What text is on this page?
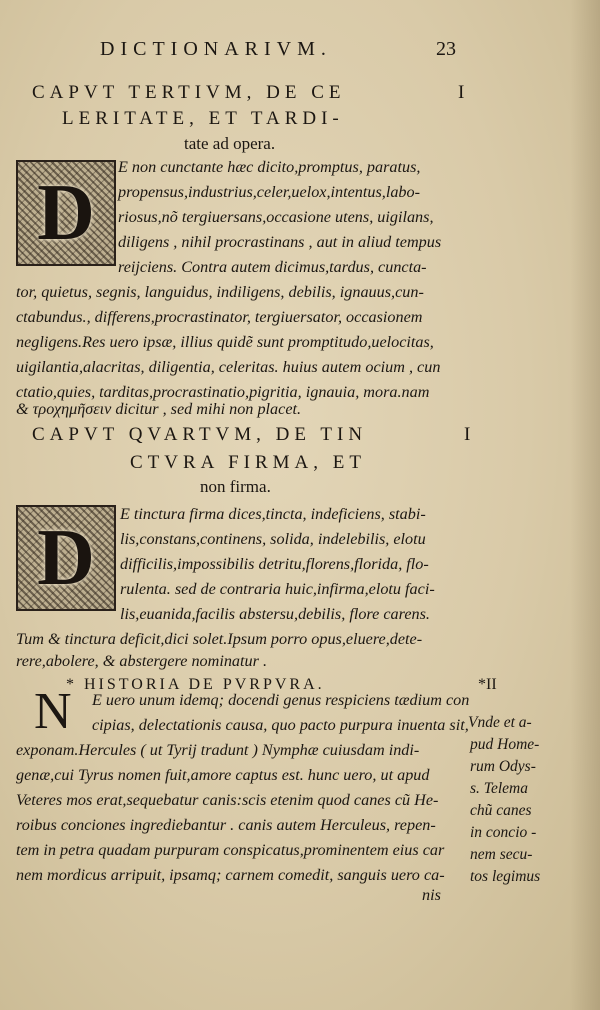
DICTIONARIVM.	23
CAPVT TERTIVM, DE CE	I
LERITATE, ET TARDI-
tate ad opera.
D
E non cunctante hæc dicito,promptus, paratus,
propensus,industrius,celer,uelox,intentus,labo-
riosus,nõ tergiuersans,occasione utens, uigilans,
diligens , nihil procrastinans , aut in aliud tempus
reijciens. Contra autem dicimus,tardus, cuncta-
tor, quietus, segnis, languidus, indiligens, debilis, ignauus,cun-
ctabundus., differens,procrastinator, tergiuersator, occasionem
negligens.Res uero ipsæ, illius quidẽ sunt promptitudo,uelocitas,
uigilantia,alacritas, diligentia, celeritas. huius autem ocium , cun
ctatio,quies, tarditas,procrastinatio,pigritia, ignauia, mora.nam
& τροχημῆσειν dicitur , sed mihi non placet.
CAPVT QVARTVM, DE TIN	I
CTVRA FIRMA, ET
non firma.
D	E tinctura firma dices,tincta, indeficiens, stabi-
lis,constans,continens, solida, indelebilis, elotu
difficilis,impossibilis detritu,florens,florida, flo-
rulenta. sed de contraria huic,infirma,elotu faci-
lis,euanida,facilis abstersu,debilis, flore carens.
Tum & tinctura deficit,dici solet.Ipsum porro opus,eluere,dete-
rere,abolere, & abstergere nominatur .
* HISTORIA DE PVRPVRA.	*II
N E uero unum idemq; docendi genus respiciens tædium con
cipias, delectationis causa, quo pacto purpura inuenta sit,
exponam.Hercules ( ut Tyrij tradunt ) Nymphæ cuiusdam indi-
genæ,cui Tyrus nomen fuit,amore captus est. hunc uero, ut apud
Veteres mos erat,sequebatur canis:scis etenim quod canes cũ He-
roibus conciones ingrediebantur . canis autem Herculeus, repen-
tem in petra quadam purpuram conspicatus,prominentem eius car
nem mordicus arripuit, ipsamq; carnem comedit, sanguis uero ca-
nis
Vnde et a-
pud Home-
rum Odys-
s. Telema
chũ canes
in concio -
nem secu-
tos legimus
